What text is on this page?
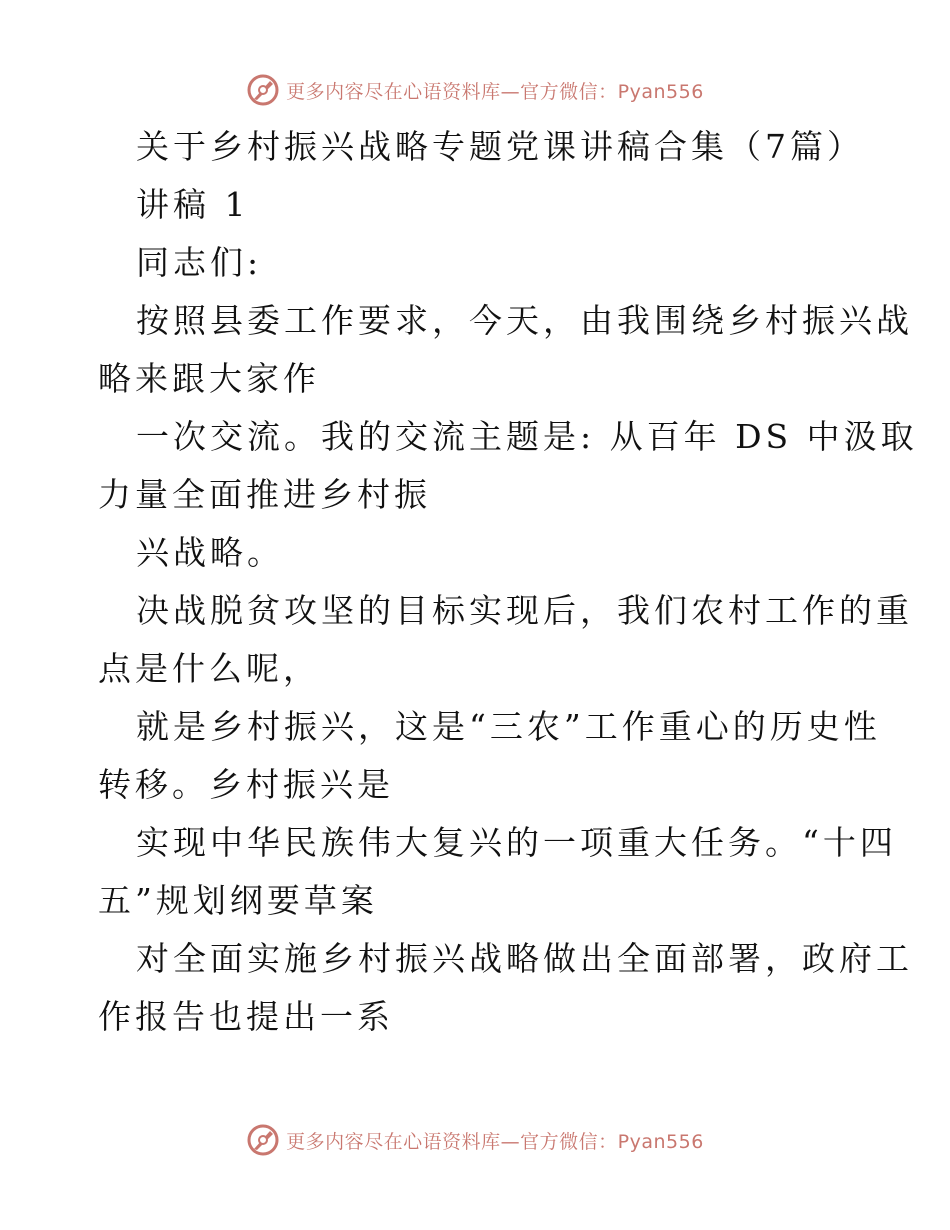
更多内容尽在心语资料库—官方微信：Pyan556
关于乡村振兴战略专题党课讲稿合集（7篇）
讲稿 1
同志们:
按照县委工作要求，今天，由我围绕乡村振兴战
略来跟大家作
一次交流。我的交流主题是: 从百年 DS 中汲取
力量全面推进乡村振
兴战略。
决战脱贫攻坚的目标实现后，我们农村工作的重
点是什么呢，
就是乡村振兴，这是“三农”工作重心的历史性
转移。乡村振兴是
实现中华民族伟大复兴的一项重大任务。“十四
五”规划纲要草案
对全面实施乡村振兴战略做出全面部署，政府工
作报告也提出一系
更多内容尽在心语资料库—官方微信：Pyan556
